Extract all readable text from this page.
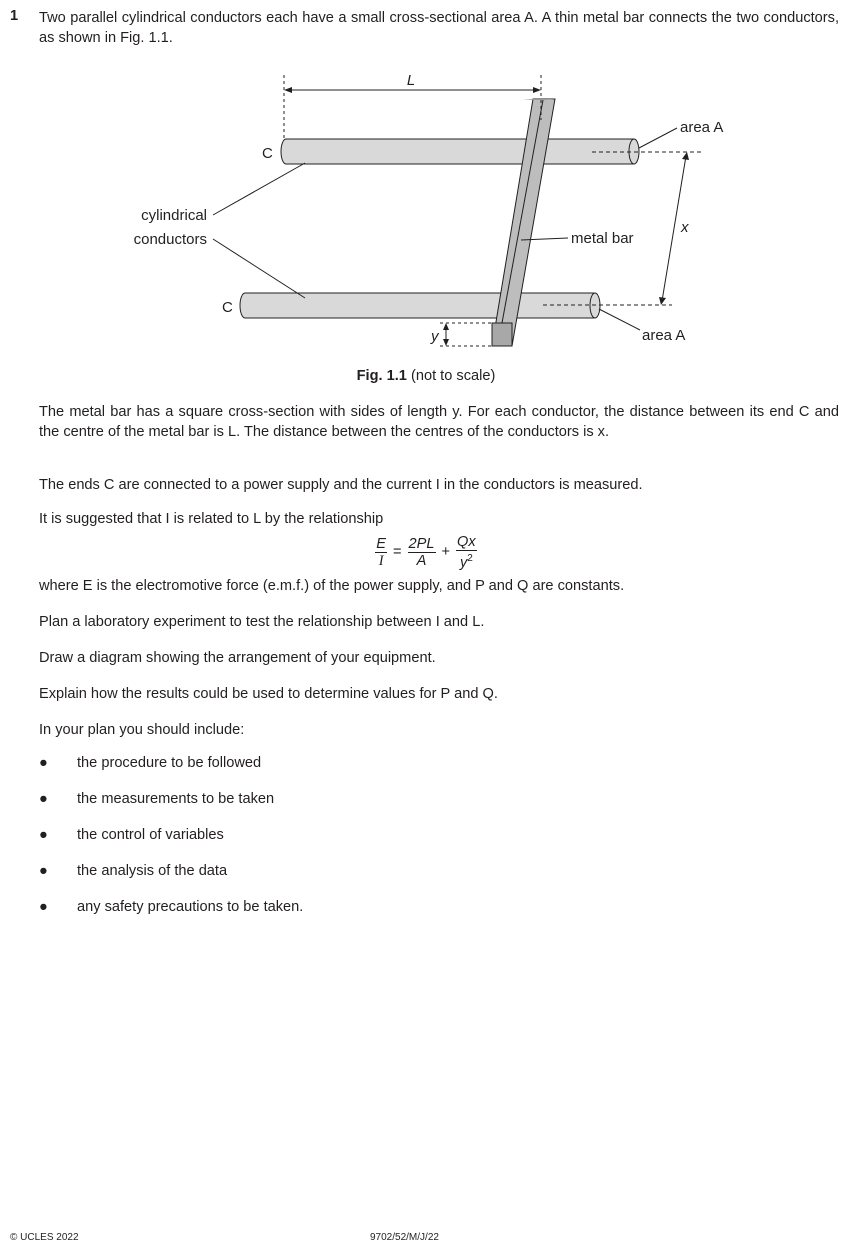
1 Two parallel cylindrical conductors each have a small cross-sectional area A. A thin metal bar connects the two conductors, as shown in Fig. 1.1.
L
y
x
area A
area A
C
C
cylindrical
conductors	metal bar
Fig. 1.1 (not to scale)
The metal bar has a square cross-section with sides of length y. For each conductor, the distance between its end C and the centre of the metal bar is L. The distance between the centres of the conductors is x.
The ends C are connected to a power supply and the current I in the conductors is measured.
It is suggested that I is related to L by the relationship
$\frac{E}{I} = \frac{2PL}{A} + \frac{Qx}{y^2}$
where E is the electromotive force (e.m.f.) of the power supply, and P and Q are constants.
Plan a laboratory experiment to test the relationship between I and L.
Draw a diagram showing the arrangement of your equipment.
Explain how the results could be used to determine values for P and Q.
In your plan you should include:
● the procedure to be followed
● the measurements to be taken
● the control of variables
● the analysis of the data
● any safety precautions to be taken.
© UCLES 2022	9702/52/M/J/22
